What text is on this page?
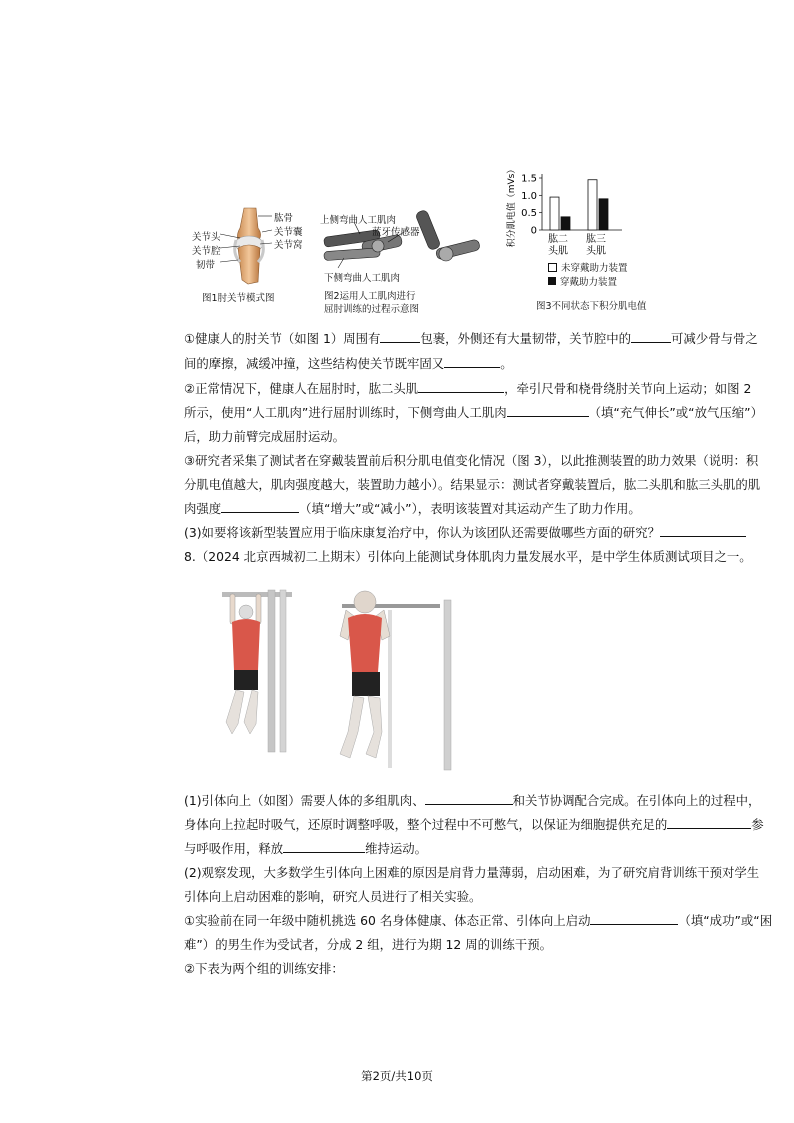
肱骨
关节囊
关节窝
关节头
关节腔
韧带
图1肘关节模式图
上侧弯曲人工肌肉
蓝牙传感器
下侧弯曲人工肌肉
图2运用人工肌肉进行
屈肘训练的过程示意图
积分肌电值（mVs） 1.5
1.0
0.5
0
肱二
头肌
肱三
头肌
未穿戴助力装置
穿戴助力装置
图3不同状态下积分肌电值
①健康人的肘关节（如图 1）周围有	包裹，外侧还有大量韧带，关节腔中的	可减少骨与骨之
间的摩擦，减缓冲撞，这些结构使关节既牢固又	。
②正常情况下，健康人在屈肘时，肱二头肌	，牵引尺骨和桡骨绕肘关节向上运动；如图 2
所示，使用“人工肌肉”进行屈肘训练时，下侧弯曲人工肌肉	（填“充气伸长”或“放气压缩”）
后，助力前臂完成屈肘运动。
③研究者采集了测试者在穿戴装置前后积分肌电值变化情况（图 3），以此推测装置的助力效果（说明：积
分肌电值越大，肌肉强度越大，装置助力越小）。结果显示：测试者穿戴装置后，肱二头肌和肱三头肌的肌
肉强度	（填“增大”或“减小”），表明该装置对其运动产生了助力作用。
(3)如要将该新型装置应用于临床康复治疗中，你认为该团队还需要做哪些方面的研究？
8.（2024 北京西城初二上期末）引体向上能测试身体肌肉力量发展水平，是中学生体质测试项目之一。
(1)引体向上（如图）需要人体的多组肌肉、	和关节协调配合完成。在引体向上的过程中，
身体向上拉起时吸气，还原时调整呼吸，整个过程中不可憋气，以保证为细胞提供充足的	参
与呼吸作用，释放	维持运动。
(2)观察发现，大多数学生引体向上困难的原因是肩背力量薄弱，启动困难，为了研究肩背训练干预对学生
引体向上启动困难的影响，研究人员进行了相关实验。
①实验前在同一年级中随机挑选 60 名身体健康、体态正常、引体向上启动	（填“成功”或“困
难”）的男生作为受试者，分成 2 组，进行为期 12 周的训练干预。
②下表为两个组的训练安排：
第2页/共10页
